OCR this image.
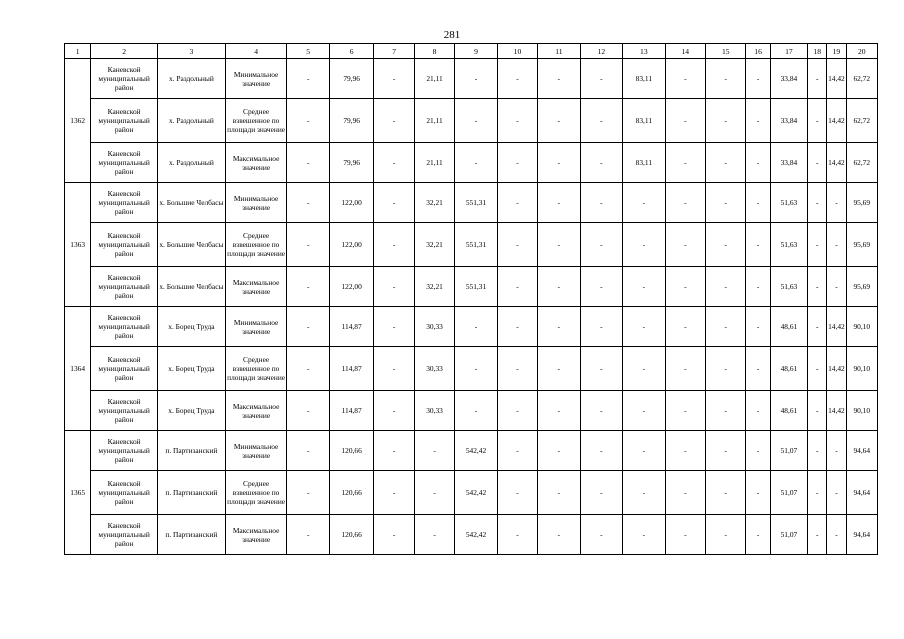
281
1	2	3	4	5	6	7	8	9	10	11	12	13	14	15	16	17	18	19	20
1362	Каневской муниципальный район	х. Раздольный	Минимальное значение	-	79,96	-	21,11	-	-	-	-	83,11	-	-	-	33,84	-	14,42	62,72
	Каневской муниципальный район	х. Раздольный	Среднее взвешенное по площади значение	-	79,96	-	21,11	-	-	-	-	83,11	-	-	-	33,84	-	14,42	62,72
	Каневской муниципальный район	х. Раздольный	Максимальное значение	-	79,96	-	21,11	-	-	-	-	83,11	-	-	-	33,84	-	14,42	62,72
1363	Каневской муниципальный район	х. Большие Челбасы	Минимальное значение	-	122,00	-	32,21	551,31	-	-	-	-	-	-	-	51,63	-	-	95,69
	Каневской муниципальный район	х. Большие Челбасы	Среднее взвешенное по площади значение	-	122,00	-	32,21	551,31	-	-	-	-	-	-	-	51,63	-	-	95,69
	Каневской муниципальный район	х. Большие Челбасы	Максимальное значение	-	122,00	-	32,21	551,31	-	-	-	-	-	-	-	51,63	-	-	95,69
1364	Каневской муниципальный район	х. Борец Труда	Минимальное значение	-	114,87	-	30,33	-	-	-	-	-	-	-	-	48,61	-	14,42	90,10
	Каневской муниципальный район	х. Борец Труда	Среднее взвешенное по площади значение	-	114,87	-	30,33	-	-	-	-	-	-	-	-	48,61	-	14,42	90,10
	Каневской муниципальный район	х. Борец Труда	Максимальное значение	-	114,87	-	30,33	-	-	-	-	-	-	-	-	48,61	-	14,42	90,10
1365	Каневской муниципальный район	п. Партизанский	Минимальное значение	-	120,66	-	-	542,42	-	-	-	-	-	-	-	51,07	-	-	94,64
	Каневской муниципальный район	п. Партизанский	Среднее взвешенное по площади значение	-	120,66	-	-	542,42	-	-	-	-	-	-	-	51,07	-	-	94,64
	Каневской муниципальный район	п. Партизанский	Максимальное значение	-	120,66	-	-	542,42	-	-	-	-	-	-	-	51,07	-	-	94,64
